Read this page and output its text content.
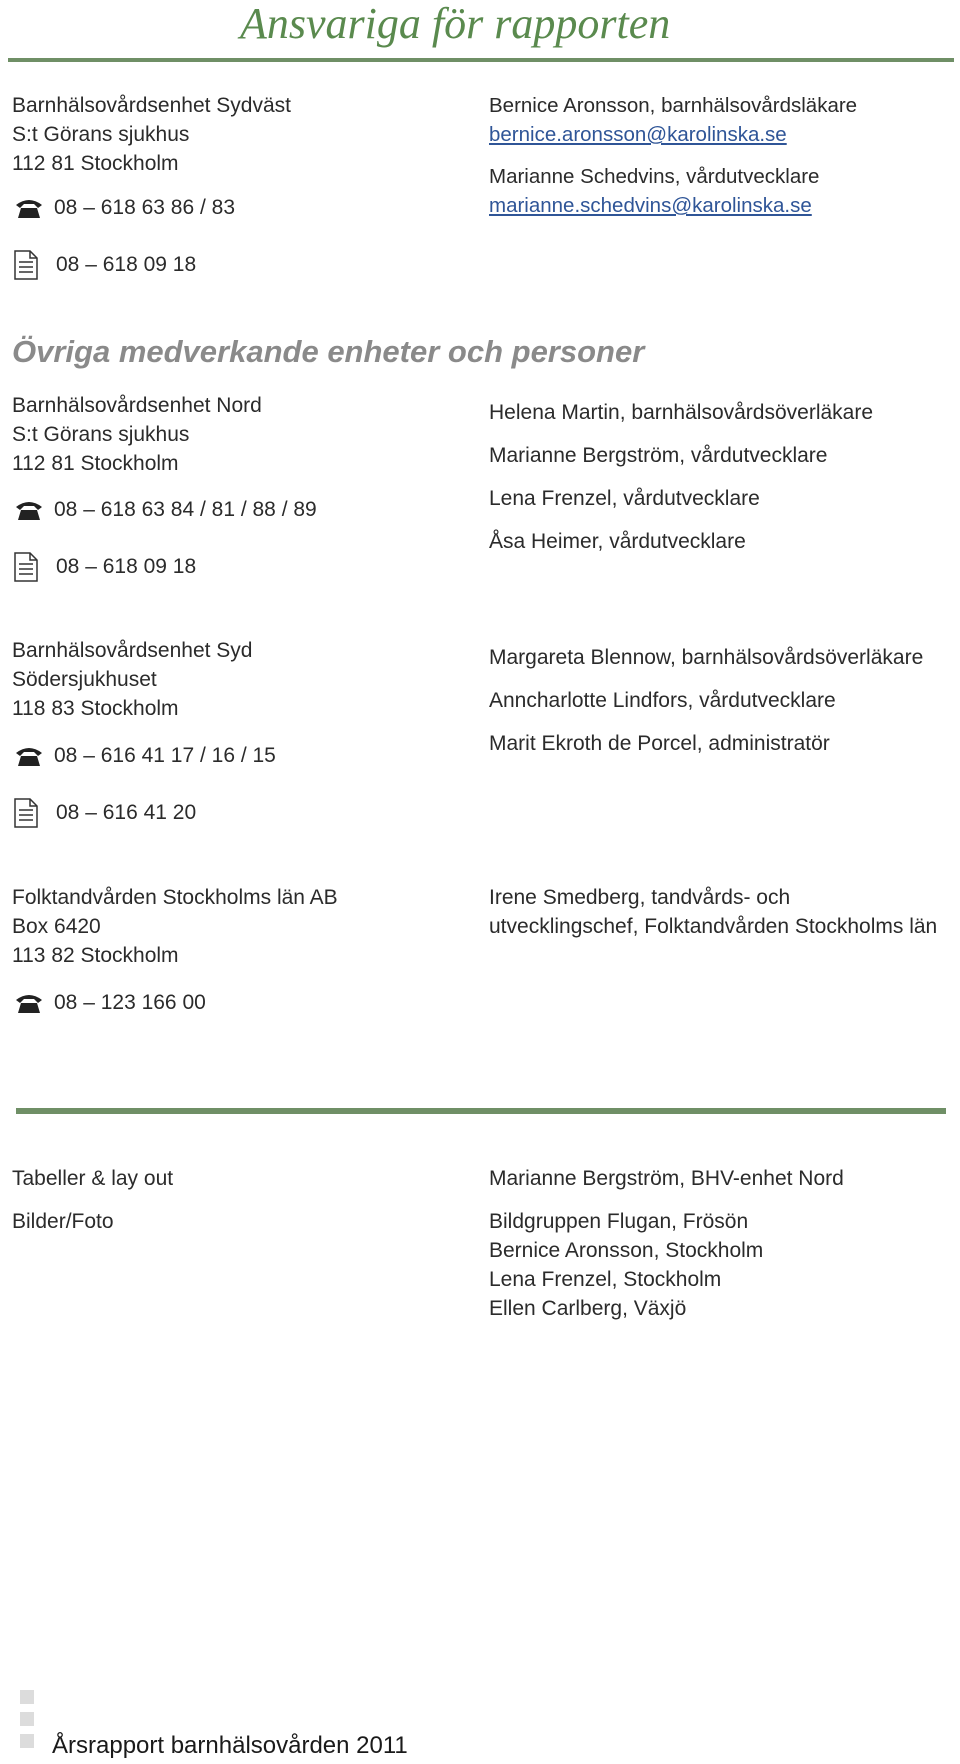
Ansvariga för rapporten
Barnhälsovårdsenhet Sydväst
S:t Görans sjukhus
112 81 Stockholm
08 – 618 63 86 / 83
08 – 618 09 18
Bernice Aronsson, barnhälsovårdsläkare
bernice.aronsson@karolinska.se
Marianne Schedvins, vårdutvecklare
marianne.schedvins@karolinska.se
Övriga medverkande enheter och personer
Barnhälsovårdsenhet Nord
S:t Görans sjukhus
112 81 Stockholm
08 – 618 63 84 / 81 / 88 / 89
08 – 618 09 18
Helena Martin, barnhälsovårdsöverläkare
Marianne Bergström, vårdutvecklare
Lena Frenzel, vårdutvecklare
Åsa Heimer, vårdutvecklare
Barnhälsovårdsenhet Syd
Södersjukhuset
118 83 Stockholm
08 – 616 41 17 / 16 / 15
08 – 616 41 20
Margareta Blennow, barnhälsovårdsöverläkare
Anncharlotte Lindfors, vårdutvecklare
Marit Ekroth de Porcel, administratör
Folktandvården Stockholms län AB
Box 6420
113 82 Stockholm
08 – 123 166 00
Irene Smedberg, tandvårds- och
utvecklingschef, Folktandvården Stockholms län
Tabeller & lay out
Bilder/Foto
Marianne Bergström, BHV-enhet Nord
Bildgruppen Flugan, Frösön
Bernice Aronsson, Stockholm
Lena Frenzel, Stockholm
Ellen Carlberg, Växjö
Årsrapport barnhälsovården 2011
